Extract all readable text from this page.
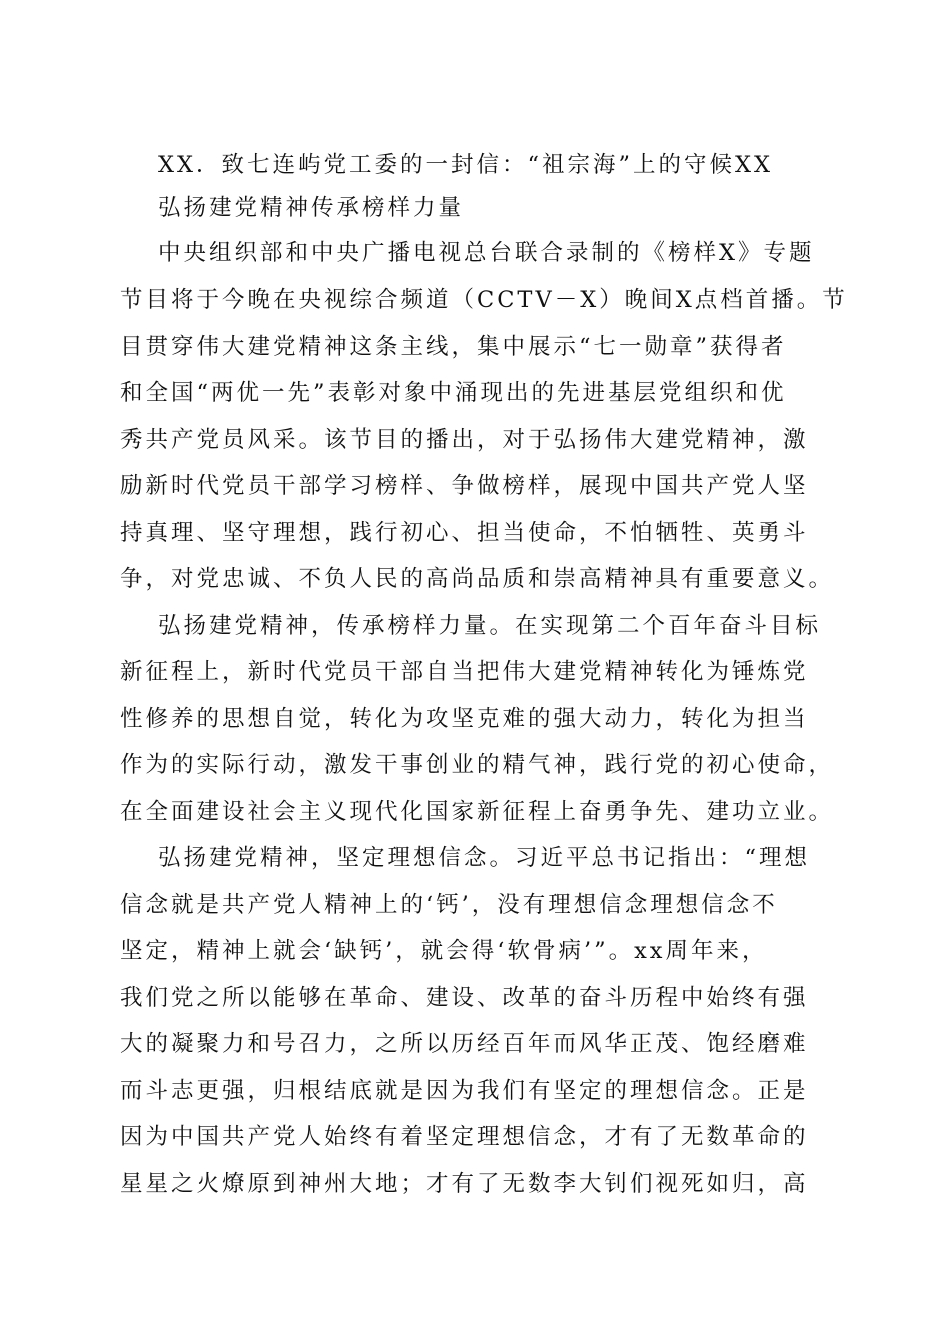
XX．致七连屿党工委的一封信：“祖宗海”上的守候XX
弘扬建党精神传承榜样力量
中央组织部和中央广播电视总台联合录制的《榜样X》专题
节目将于今晚在央视综合频道（CCTV－X）晚间X点档首播。节
目贯穿伟大建党精神这条主线，集中展示“七一勋章”获得者
和全国“两优一先”表彰对象中涌现出的先进基层党组织和优
秀共产党员风采。该节目的播出，对于弘扬伟大建党精神，激
励新时代党员干部学习榜样、争做榜样，展现中国共产党人坚
持真理、坚守理想，践行初心、担当使命，不怕牺牲、英勇斗
争，对党忠诚、不负人民的高尚品质和崇高精神具有重要意义。
弘扬建党精神，传承榜样力量。在实现第二个百年奋斗目标
新征程上，新时代党员干部自当把伟大建党精神转化为锤炼党
性修养的思想自觉，转化为攻坚克难的强大动力，转化为担当
作为的实际行动，激发干事创业的精气神，践行党的初心使命，
在全面建设社会主义现代化国家新征程上奋勇争先、建功立业。
弘扬建党精神，坚定理想信念。习近平总书记指出：“理想
信念就是共产党人精神上的‘钙’，没有理想信念理想信念不
坚定，精神上就会‘缺钙’，就会得‘软骨病’”。xx周年来，
我们党之所以能够在革命、建设、改革的奋斗历程中始终有强
大的凝聚力和号召力，之所以历经百年而风华正茂、饱经磨难
而斗志更强，归根结底就是因为我们有坚定的理想信念。正是
因为中国共产党人始终有着坚定理想信念，才有了无数革命的
星星之火燎原到神州大地；才有了无数李大钊们视死如归，高
